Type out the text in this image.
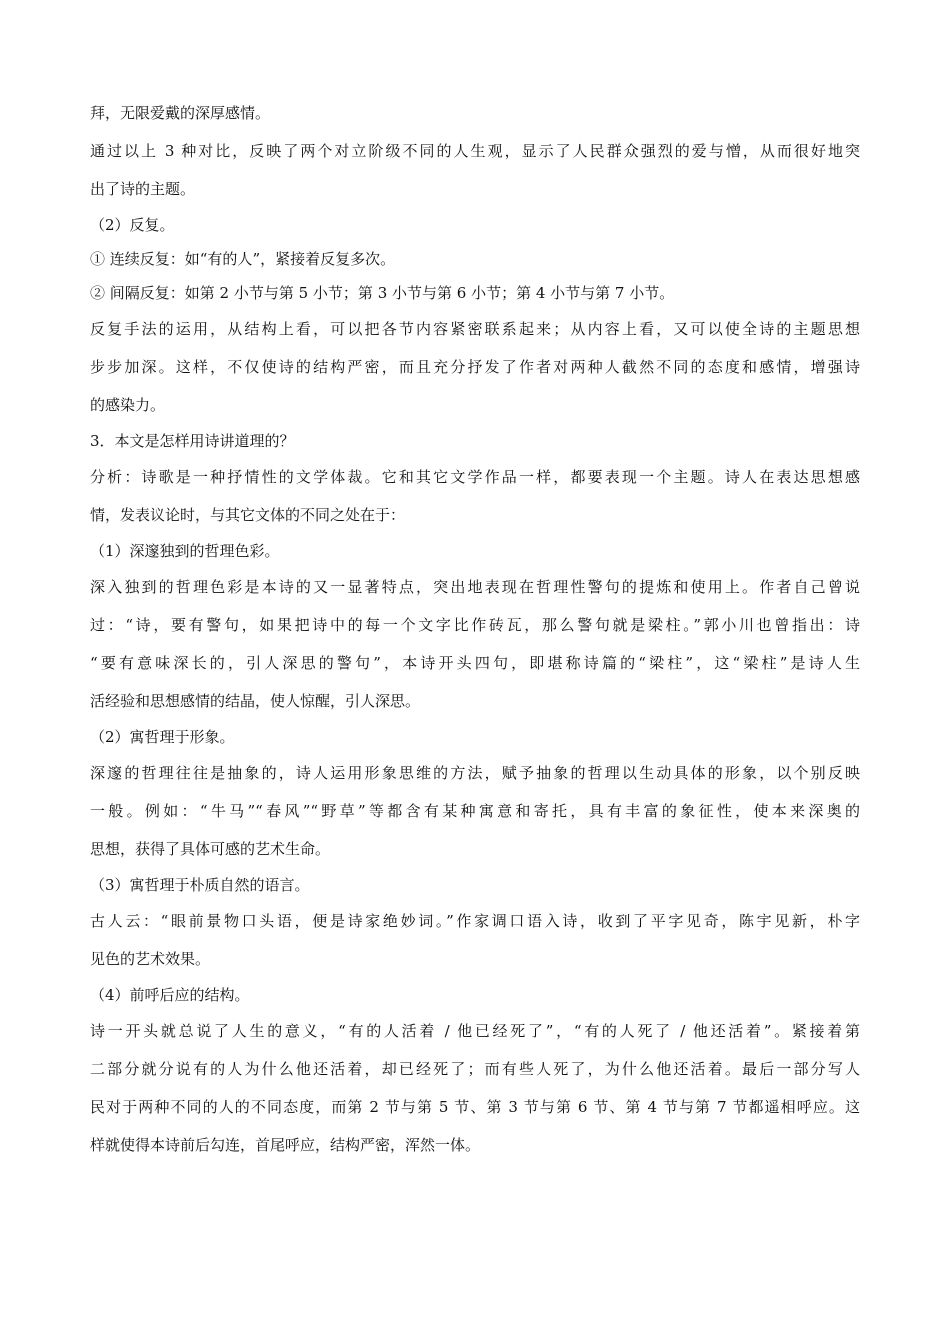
拜，无限爱戴的深厚感情。
通过以上 3 种对比，反映了两个对立阶级不同的人生观，显示了人民群众强烈的爱与憎，从而很好地突
出了诗的主题。
（2）反复。
① 连续反复：如“有的人”，紧接着反复多次。
② 间隔反复：如第 2 小节与第 5 小节；第 3 小节与第 6 小节；第 4 小节与第 7 小节。
反复手法的运用，从结构上看，可以把各节内容紧密联系起来；从内容上看，又可以使全诗的主题思想
步步加深。这样，不仅使诗的结构严密，而且充分抒发了作者对两种人截然不同的态度和感情，增强诗
的感染力。
3．本文是怎样用诗讲道理的？
分析：诗歌是一种抒情性的文学体裁。它和其它文学作品一样，都要表现一个主题。诗人在表达思想感
情，发表议论时，与其它文体的不同之处在于：
（1）深邃独到的哲理色彩。
深入独到的哲理色彩是本诗的又一显著特点，突出地表现在哲理性警句的提炼和使用上。作者自己曾说
过：“诗，要有警句，如果把诗中的每一个文字比作砖瓦，那么警句就是梁柱。”郭小川也曾指出：诗
“要有意味深长的，引人深思的警句”，本诗开头四句，即堪称诗篇的“梁柱”，这“梁柱”是诗人生
活经验和思想感情的结晶，使人惊醒，引人深思。
（2）寓哲理于形象。
深邃的哲理往往是抽象的，诗人运用形象思维的方法，赋予抽象的哲理以生动具体的形象，以个别反映
一般。例如：“牛马”“春风”“野草”等都含有某种寓意和寄托，具有丰富的象征性，使本来深奥的
思想，获得了具体可感的艺术生命。
（3）寓哲理于朴质自然的语言。
古人云：“眼前景物口头语，便是诗家绝妙词。”作家调口语入诗，收到了平字见奇，陈宇见新，朴字
见色的艺术效果。
（4）前呼后应的结构。
诗一开头就总说了人生的意义，“有的人活着 / 他已经死了”，“有的人死了 / 他还活着”。紧接着第
二部分就分说有的人为什么他还活着，却已经死了；而有些人死了，为什么他还活着。最后一部分写人
民对于两种不同的人的不同态度，而第 2 节与第 5 节、第 3 节与第 6 节、第 4 节与第 7 节都遥相呼应。这
样就使得本诗前后勾连，首尾呼应，结构严密，浑然一体。
